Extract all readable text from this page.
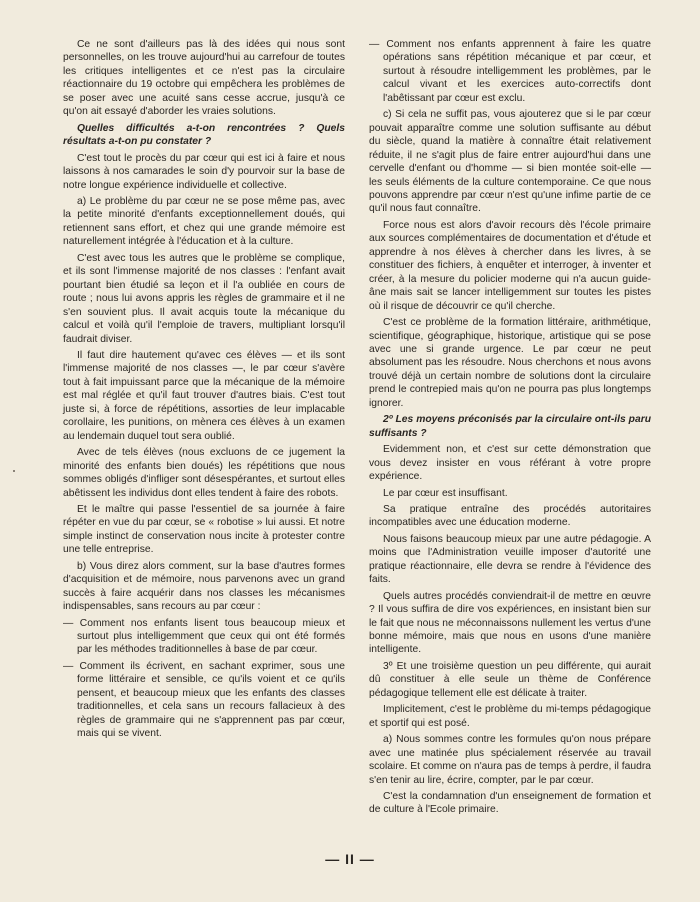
Ce ne sont d'ailleurs pas là des idées qui nous sont personnelles, on les trouve aujourd'hui au carrefour de toutes les critiques intelligentes et ce n'est pas la circulaire réactionnaire du 19 octobre qui empêchera les problèmes de se poser avec une acuité sans cesse accrue, jusqu'à ce qu'on ait essayé d'aborder les vraies solutions.

Quelles difficultés a-t-on rencontrées ? Quels résultats a-t-on pu constater ?

C'est tout le procès du par cœur qui est ici à faire et nous laissons à nos camarades le soin d'y pourvoir sur la base de notre longue expérience individuelle et collective.

a) Le problème du par cœur ne se pose même pas, avec la petite minorité d'enfants exceptionnellement doués, qui retiennent sans effort, et chez qui une grande mémoire est naturellement intégrée à l'éducation et à la culture.

C'est avec tous les autres que le problème se complique, et ils sont l'immense majorité de nos classes : l'enfant avait pourtant bien étudié sa leçon et il l'a oubliée en cours de route ; nous lui avons appris les règles de grammaire et il ne s'en souvient plus. Il avait acquis toute la mécanique du calcul et voilà qu'il l'emploie de travers, multipliant lorsqu'il faudrait diviser.

Il faut dire hautement qu'avec ces élèves — et ils sont l'immense majorité de nos classes —, le par cœur s'avère tout à fait impuissant parce que la mécanique de la mémoire est mal réglée et qu'il faut trouver d'autres biais. C'est tout juste si, à force de répétitions, assorties de leur implacable corollaire, les punitions, on mènera ces élèves à un examen au lendemain duquel tout sera oublié.

Avec de tels élèves (nous excluons de ce jugement la minorité des enfants bien doués) les répétitions que nous sommes obligés d'infliger sont désespérantes, et surtout elles abêtissent les individus dont elles tendent à faire des robots.

Et le maître qui passe l'essentiel de sa journée à faire répéter en vue du par cœur, se « robotise » lui aussi. Et notre simple instinct de conservation nous incite à protester contre une telle entreprise.

b) Vous direz alors comment, sur la base d'autres formes d'acquisition et de mémoire, nous parvenons avec un grand succès à faire acquérir dans nos classes les mécanismes indispensables, sans recours au par cœur :

— Comment nos enfants lisent tous beaucoup mieux et surtout plus intelligemment que ceux qui ont été formés par les méthodes traditionnelles à base de par cœur.

— Comment ils écrivent, en sachant exprimer, sous une forme littéraire et sensible, ce qu'ils voient et ce qu'ils pensent, et beaucoup mieux que les enfants des classes traditionnelles, et cela sans un recours fallacieux à des règles de grammaire qui ne s'apprennent pas par cœur, mais qui se vivent.

— Comment nos enfants apprennent à faire les quatre opérations sans répétition mécanique et par cœur, et surtout à résoudre intelligemment les problèmes, par le calcul vivant et les exercices auto-correctifs dont l'abêtissant par cœur est exclu.

c) Si cela ne suffit pas, vous ajouterez que si le par cœur pouvait apparaître comme une solution suffisante au début du siècle, quand la matière à connaître était relativement réduite, il ne s'agit plus de faire entrer aujourd'hui dans une cervelle d'enfant ou d'homme — si bien montée soit-elle — les seuls éléments de la culture contemporaine. Ce que nous pouvons apprendre par cœur n'est qu'une infime partie de ce qu'il nous faut connaître.

Force nous est alors d'avoir recours dès l'école primaire aux sources complémentaires de documentation et d'étude et apprendre à nos élèves à chercher dans les livres, à se constituer des fichiers, à enquêter et interroger, à inventer et créer, à la mesure du policier moderne qui n'a aucun guide-âne mais sait se lancer intelligemment sur toutes les pistes où il risque de découvrir ce qu'il cherche.

C'est ce problème de la formation littéraire, arithmétique, scientifique, géographique, historique, artistique qui se pose avec une si grande urgence. Le par cœur ne peut absolument pas les résoudre. Nous cherchons et nous avons trouvé déjà un certain nombre de solutions dont la circulaire prend le contrepied mais qu'on ne pourra pas plus longtemps ignorer.

2º Les moyens préconisés par la circulaire ont-ils paru suffisants ?

Evidemment non, et c'est sur cette démonstration que vous devez insister en vous référant à votre propre expérience.

Le par cœur est insuffisant.

Sa pratique entraîne des procédés autoritaires incompatibles avec une éducation moderne.

Nous faisons beaucoup mieux par une autre pédagogie. A moins que l'Administration veuille imposer d'autorité une pratique réactionnaire, elle devra se rendre à l'évidence des faits.

Quels autres procédés conviendrait-il de mettre en œuvre ? Il vous suffira de dire vos expériences, en insistant bien sur le fait que nous ne méconnaissons nullement les vertus d'une bonne mémoire, mais que nous en usons d'une manière intelligente.

3º Et une troisième question un peu différente, qui aurait dû constituer à elle seule un thème de Conférence pédagogique tellement elle est délicate à traiter.

Implicitement, c'est le problème du mi-temps pédagogique et sportif qui est posé.

a) Nous sommes contre les formules qu'on nous prépare avec une matinée plus spécialement réservée au travail scolaire. Et comme on n'aura pas de temps à perdre, il faudra s'en tenir au lire, écrire, compter, par le par cœur.

C'est la condamnation d'un enseignement de formation et de culture à l'Ecole primaire.

— II —
